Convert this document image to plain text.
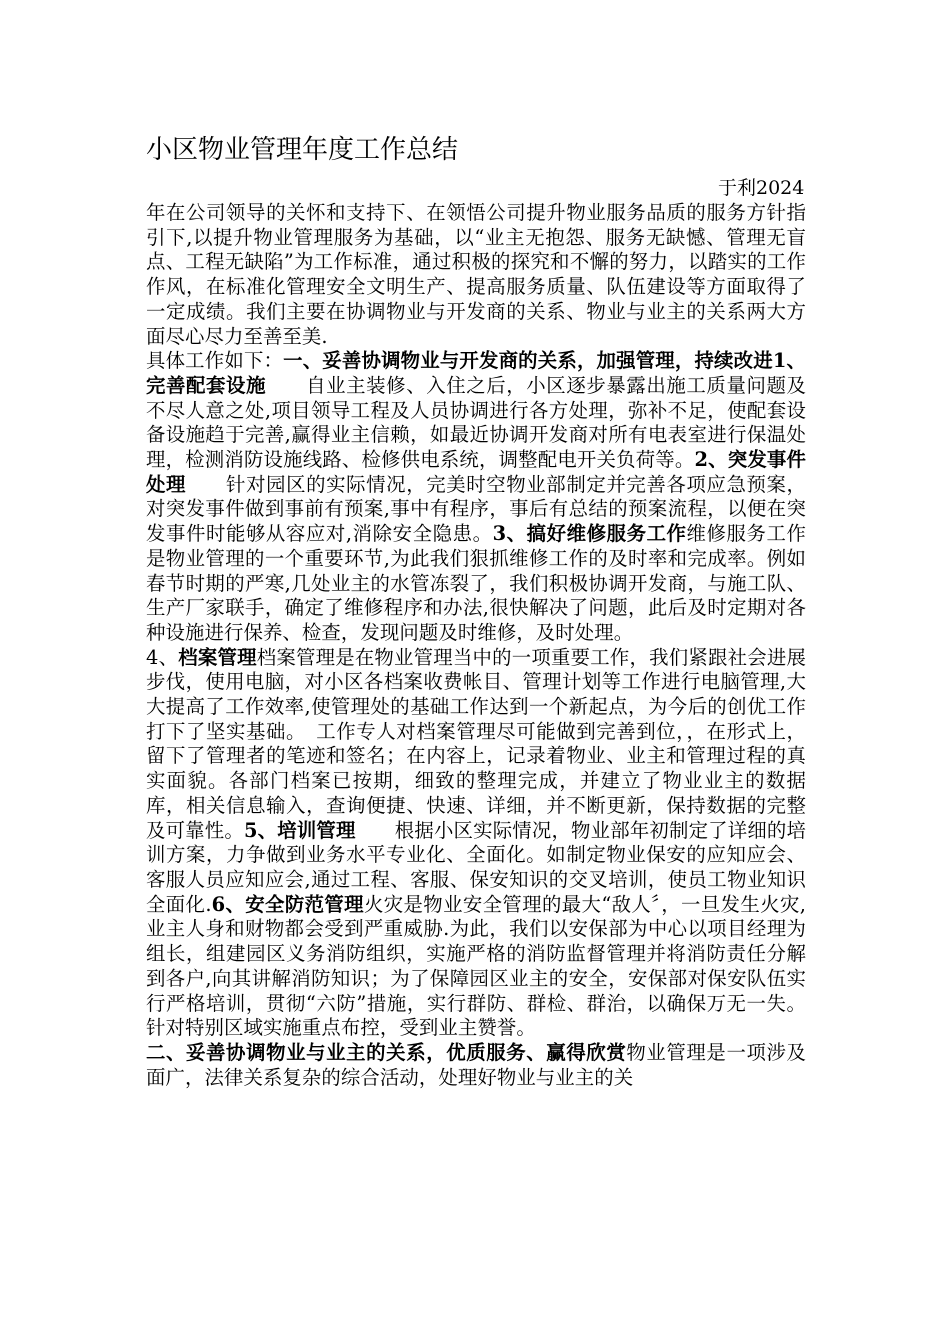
小区物业管理年度工作总结
于利2024

年在公司领导的关怀和支持下、在领悟公司提升物业服务品质的服务方针指引下,以提升物业管理服务为基础，以“业主无抱怨、服务无缺憾、管理无盲点、工程无缺陷”为工作标准，通过积极的探究和不懈的努力，以踏实的工作作风，在标准化管理安全文明生产、提高服务质量、队伍建设等方面取得了一定成绩。我们主要在协调物业与开发商的关系、物业与业主的关系两大方面尽心尽力至善至美.

具体工作如下：一、妥善协调物业与开发商的关系，加强管理，持续改进1、完善配套设施　　自业主装修、入住之后，小区逐步暴露出施工质量问题及不尽人意之处,项目领导工程及人员协调进行各方处理，弥补不足，使配套设备设施趋于完善,赢得业主信赖，如最近协调开发商对所有电表室进行保温处理，检测消防设施线路、检修供电系统，调整配电开关负荷等。2、突发事件处理　　针对园区的实际情况，完美时空物业部制定并完善各项应急预案，对突发事件做到事前有预案,事中有程序，事后有总结的预案流程，以便在突发事件时能够从容应对,消除安全隐患。3、搞好维修服务工作维修服务工作是物业管理的一个重要环节,为此我们狠抓维修工作的及时率和完成率。例如春节时期的严寒,几处业主的水管冻裂了，我们积极协调开发商，与施工队、生产厂家联手，确定了维修程序和办法,很快解决了问题，此后及时定期对各种设施进行保养、检查，发现问题及时维修，及时处理。

4、档案管理档案管理是在物业管理当中的一项重要工作，我们紧跟社会进展步伐，使用电脑，对小区各档案收费帐目、管理计划等工作进行电脑管理,大大提高了工作效率,使管理处的基础工作达到一个新起点，为今后的创优工作打下了坚实基础。　工作专人对档案管理尽可能做到完善到位，，在形式上，留下了管理者的笔迹和签名；在内容上，记录着物业、业主和管理过程的真实面貌。各部门档案已按期，细致的整理完成，并建立了物业业主的数据库，相关信息输入，查询便捷、快速、详细，并不断更新，保持数据的完整及可靠性。5、培训管理　　根据小区实际情况，物业部年初制定了详细的培训方案，力争做到业务水平专业化、全面化。如制定物业保安的应知应会、客服人员应知应会,通过工程、客服、保安知识的交叉培训，使员工物业知识全面化.6、安全防范管理火灾是物业安全管理的最大“敌人〞，一旦发生火灾,业主人身和财物都会受到严重威胁.为此，我们以安保部为中心以项目经理为组长，组建园区义务消防组织，实施严格的消防监督管理并将消防责任分解到各户,向其讲解消防知识；为了保障园区业主的安全，安保部对保安队伍实行严格培训，贯彻“六防”措施，实行群防、群检、群治，以确保万无一失。针对特别区域实施重点布控，受到业主赞誉。

二、妥善协调物业与业主的关系，优质服务、赢得欣赏物业管理是一项涉及面广，法律关系复杂的综合活动，处理好物业与业主的关
